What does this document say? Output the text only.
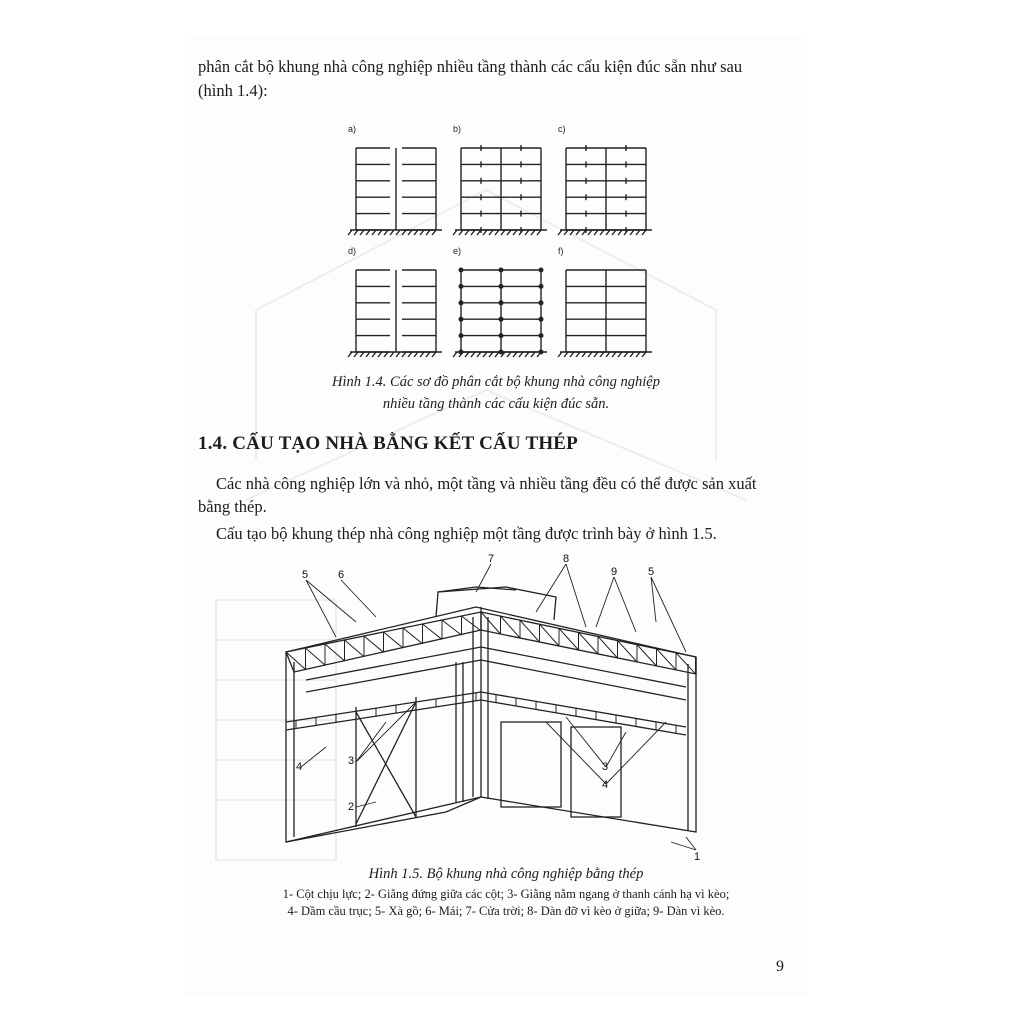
phân cắt bộ khung nhà công nghiệp nhiều tầng thành các cấu kiện đúc sẵn như sau
(hình 1.4):
a)	b)	c)
d)	e)	f)
Hình 1.4. Các sơ đồ phân cắt bộ khung nhà công nghiệp
nhiều tầng thành các cấu kiện đúc sẵn.
1.4. CẤU TẠO NHÀ BẰNG KẾT CẤU THÉP
Các nhà công nghiệp lớn và nhỏ, một tầng và nhiều tầng đều có thể được sản xuất
bằng thép.
Cấu tạo bộ khung thép nhà công nghiệp một tầng được trình bày ở hình 1.5.
5	6
7	8
9	5
4	3
2
3
4
1
Hình 1.5. Bộ khung nhà công nghiệp bằng thép
1- Cột chịu lực; 2- Giằng đứng giữa các cột; 3- Giằng nằm ngang ở thanh cánh hạ vì kèo;
4- Dầm cầu trục; 5- Xà gồ; 6- Mái; 7- Cửa trời; 8- Dàn đỡ vì kèo ở giữa; 9- Dàn vì kèo.
9
